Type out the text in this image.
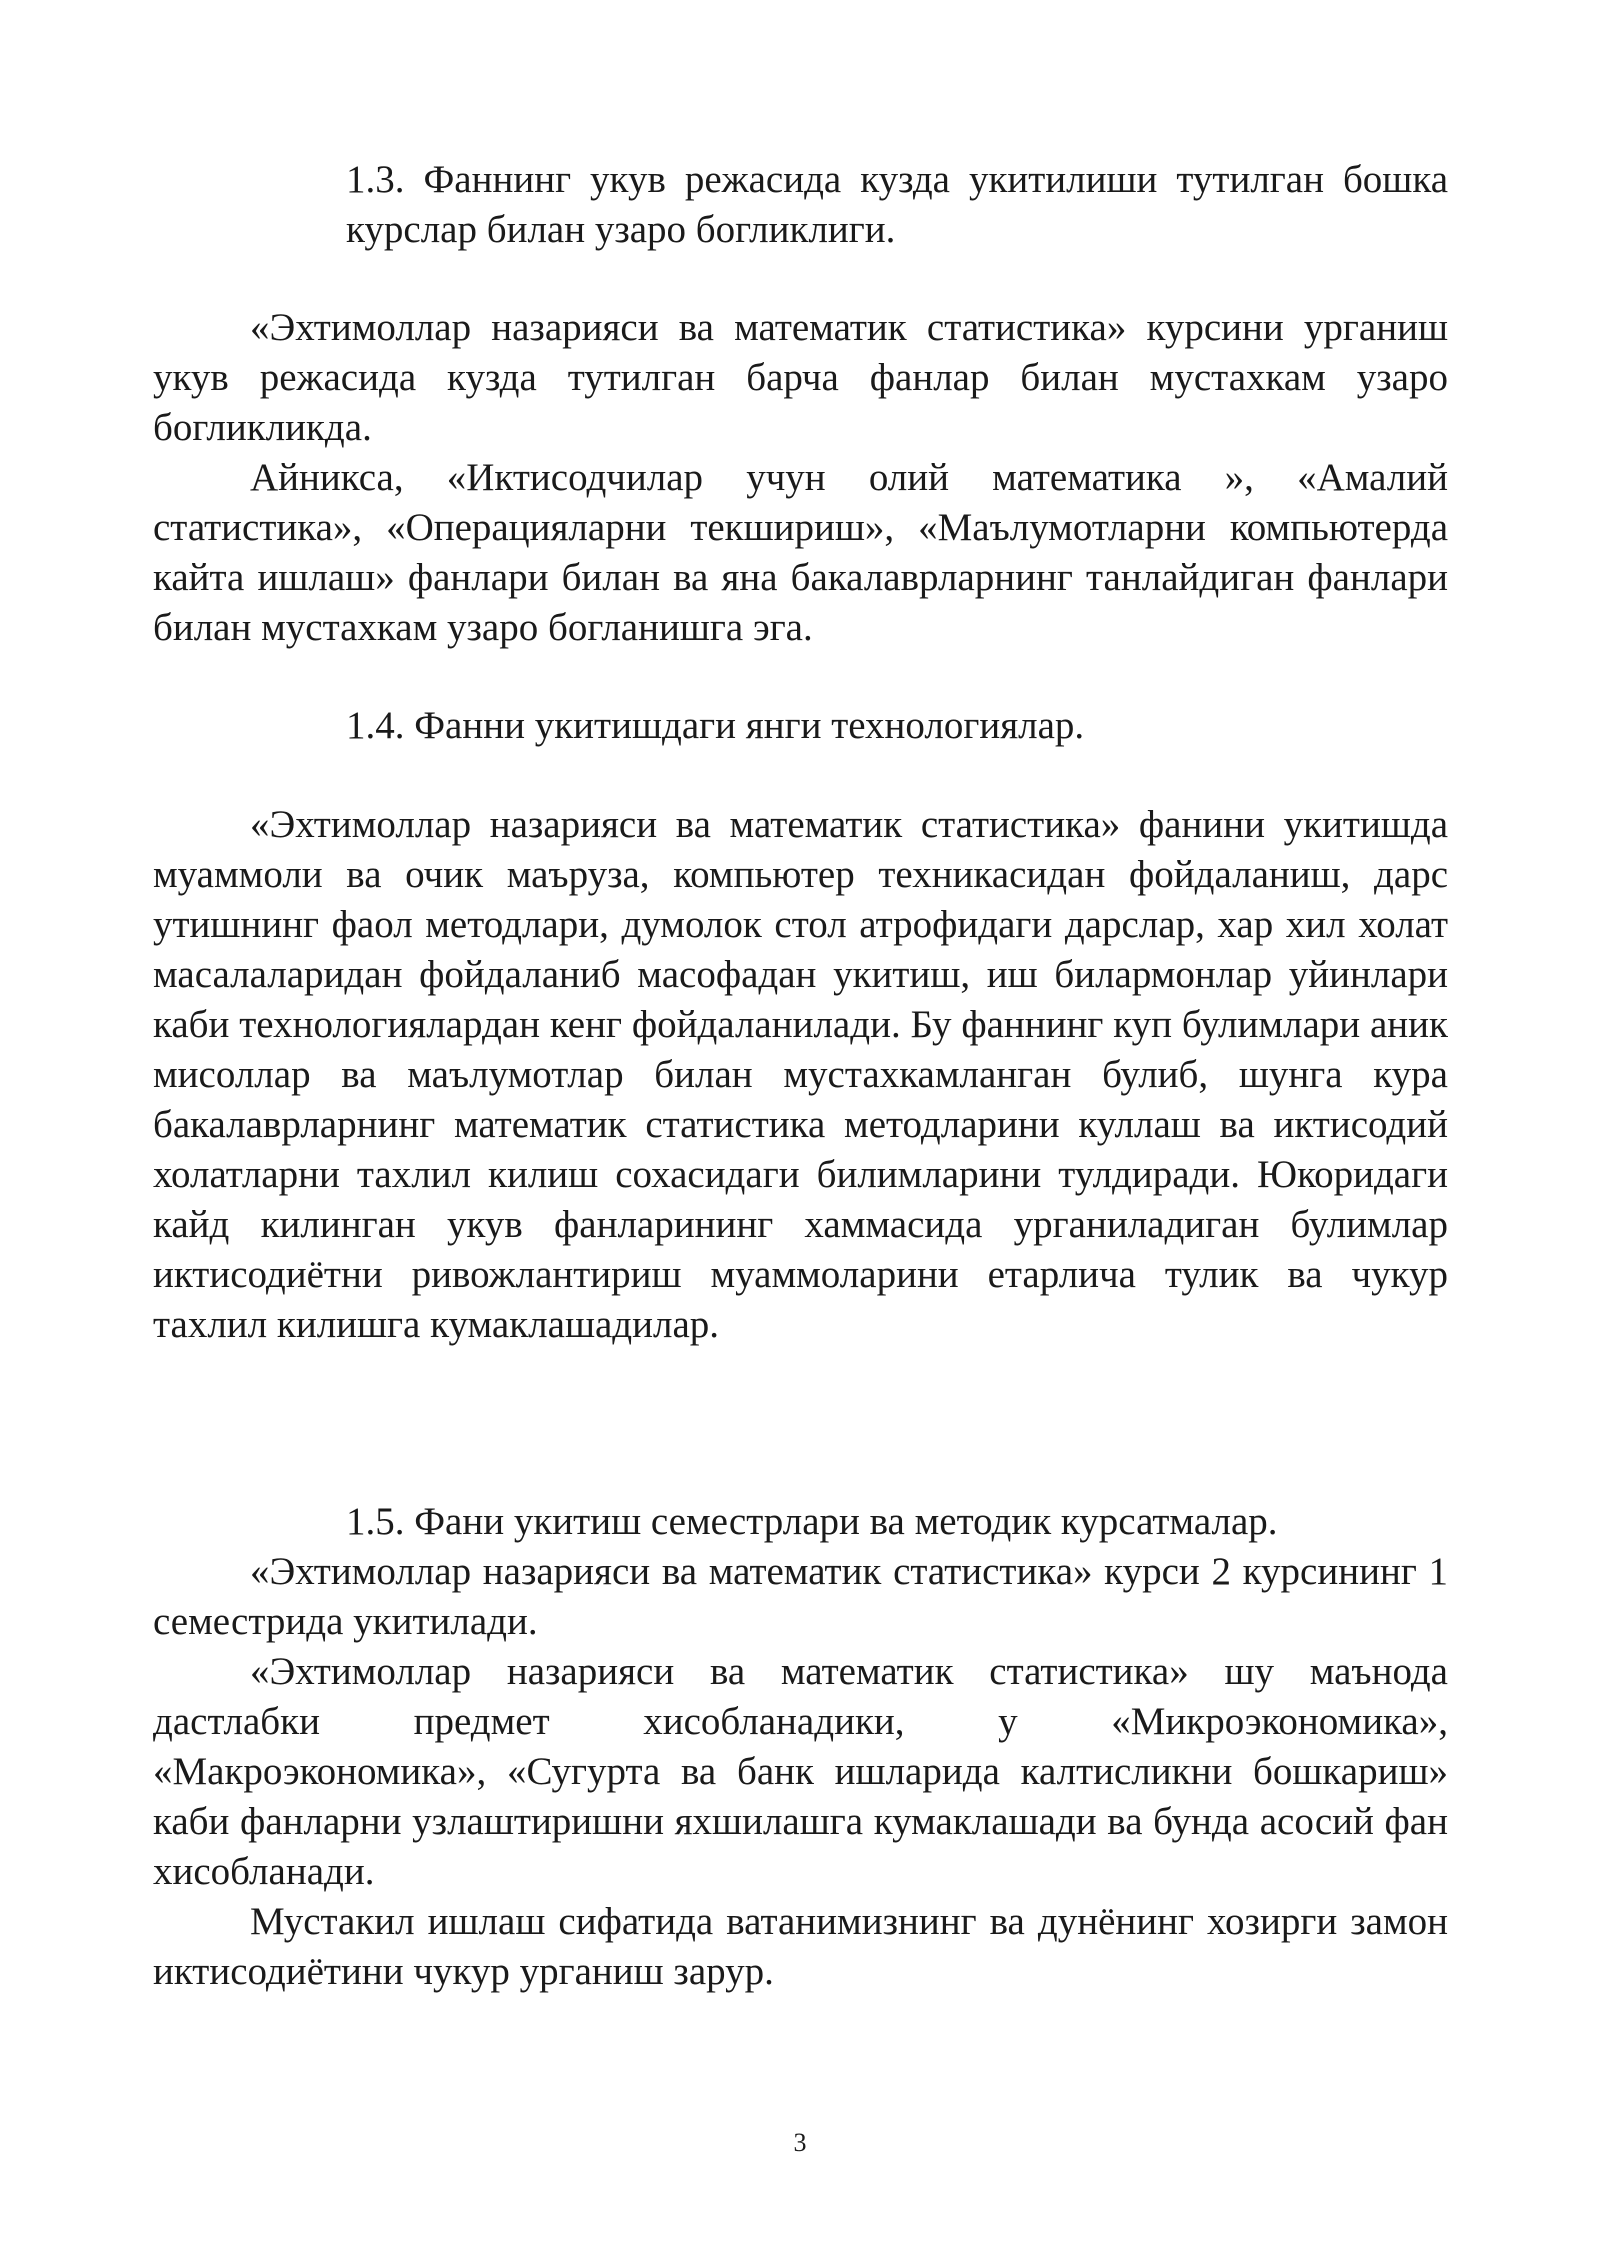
1.3. Фаннинг укув режасида кузда укитилиши тутилган бошка курслар билан узаро богликлиги.

«Эхтимоллар назарияси ва математик статистика» курсини урганиш укув режасида кузда тутилган барча фанлар билан мустахкам узаро богликликда.

Айникса, «Иктисодчилар учун олий математика », «Амалий статистика», «Операцияларни текшириш», «Маълумотларни компьютерда кайта ишлаш» фанлари билан ва яна бакалаврларнинг танлайдиган фанлари билан мустахкам узаро богланишга эга.

1.4. Фанни укитишдаги янги технологиялар.

«Эхтимоллар назарияси ва математик статистика» фанини укитишда муаммоли ва очик маъруза, компьютер техникасидан фойдаланиш, дарс утишнинг фаол методлари, думолок стол атрофидаги дарслар, хар хил холат масалаларидан фойдаланиб масофадан укитиш, иш билармонлар уйинлари каби технологиялардан кенг фойдаланилади. Бу фаннинг куп булимлари аник мисоллар ва маълумотлар билан мустахкамланган булиб, шунга кура бакалаврларнинг математик статистика методларини куллаш ва иктисодий холатларни тахлил килиш сохасидаги билимларини тулдиради. Юкоридаги кайд килинган укув фанларининг хаммасида урганиладиган булимлар иктисодиётни ривожлантириш муаммоларини етарлича тулик ва чукур тахлил килишга кумаклашадилар.

1.5. Фани укитиш семестрлари ва методик курсатмалар.

«Эхтимоллар назарияси ва математик статистика» курси 2 курсининг 1 семестрида укитилади.

«Эхтимоллар назарияси ва математик статистика» шу маънода дастлабки предмет хисобланадики, у «Микроэкономика», «Макроэкономика», «Сугурта ва банк ишларида калтисликни бошкариш» каби фанларни узлаштиришни яхшилашга кумаклашади ва бунда асосий фан хисобланади.

Мустакил ишлаш сифатида ватанимизнинг ва дунёнинг хозирги замон иктисодиётини чукур урганиш зарур.

3
